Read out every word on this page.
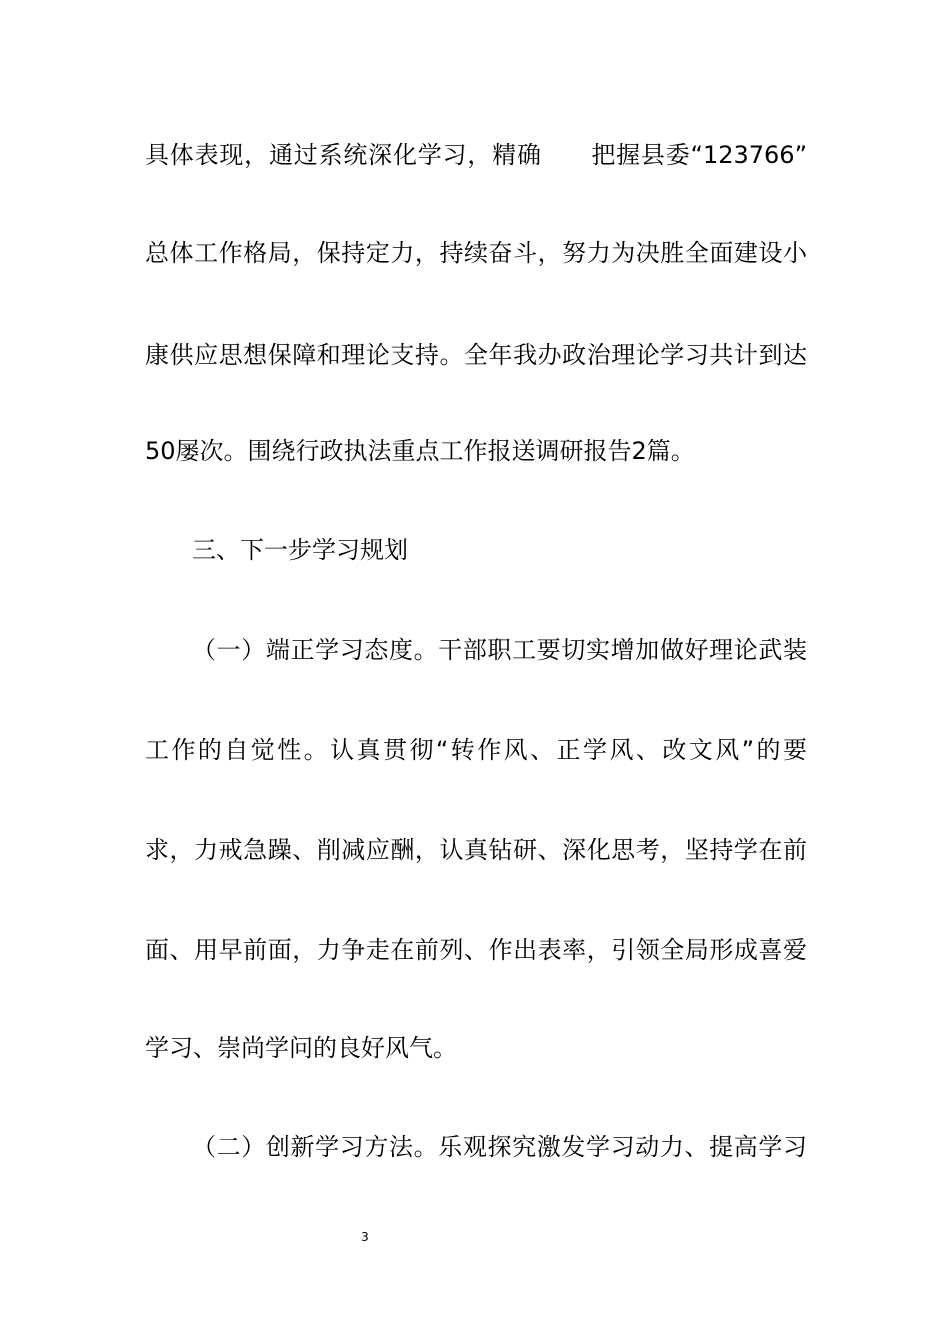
具体表现，通过系统深化学习，精确　　把握县委“123766”
总体工作格局，保持定力，持续奋斗，努力为决胜全面建设小
康供应思想保障和理论支持。全年我办政治理论学习共计到达
50屡次。围绕行政执法重点工作报送调研报告2篇。
三、下一步学习规划
（一）端正学习态度。干部职工要切实增加做好理论武装
工作的自觉性。认真贯彻“转作风、正学风、改文风”的要
求，力戒急躁、削减应酬，认真钻研、深化思考，坚持学在前
面、用早前面，力争走在前列、作出表率，引领全局形成喜爱
学习、崇尚学问的良好风气。
（二）创新学习方法。乐观探究激发学习动力、提高学习
3
